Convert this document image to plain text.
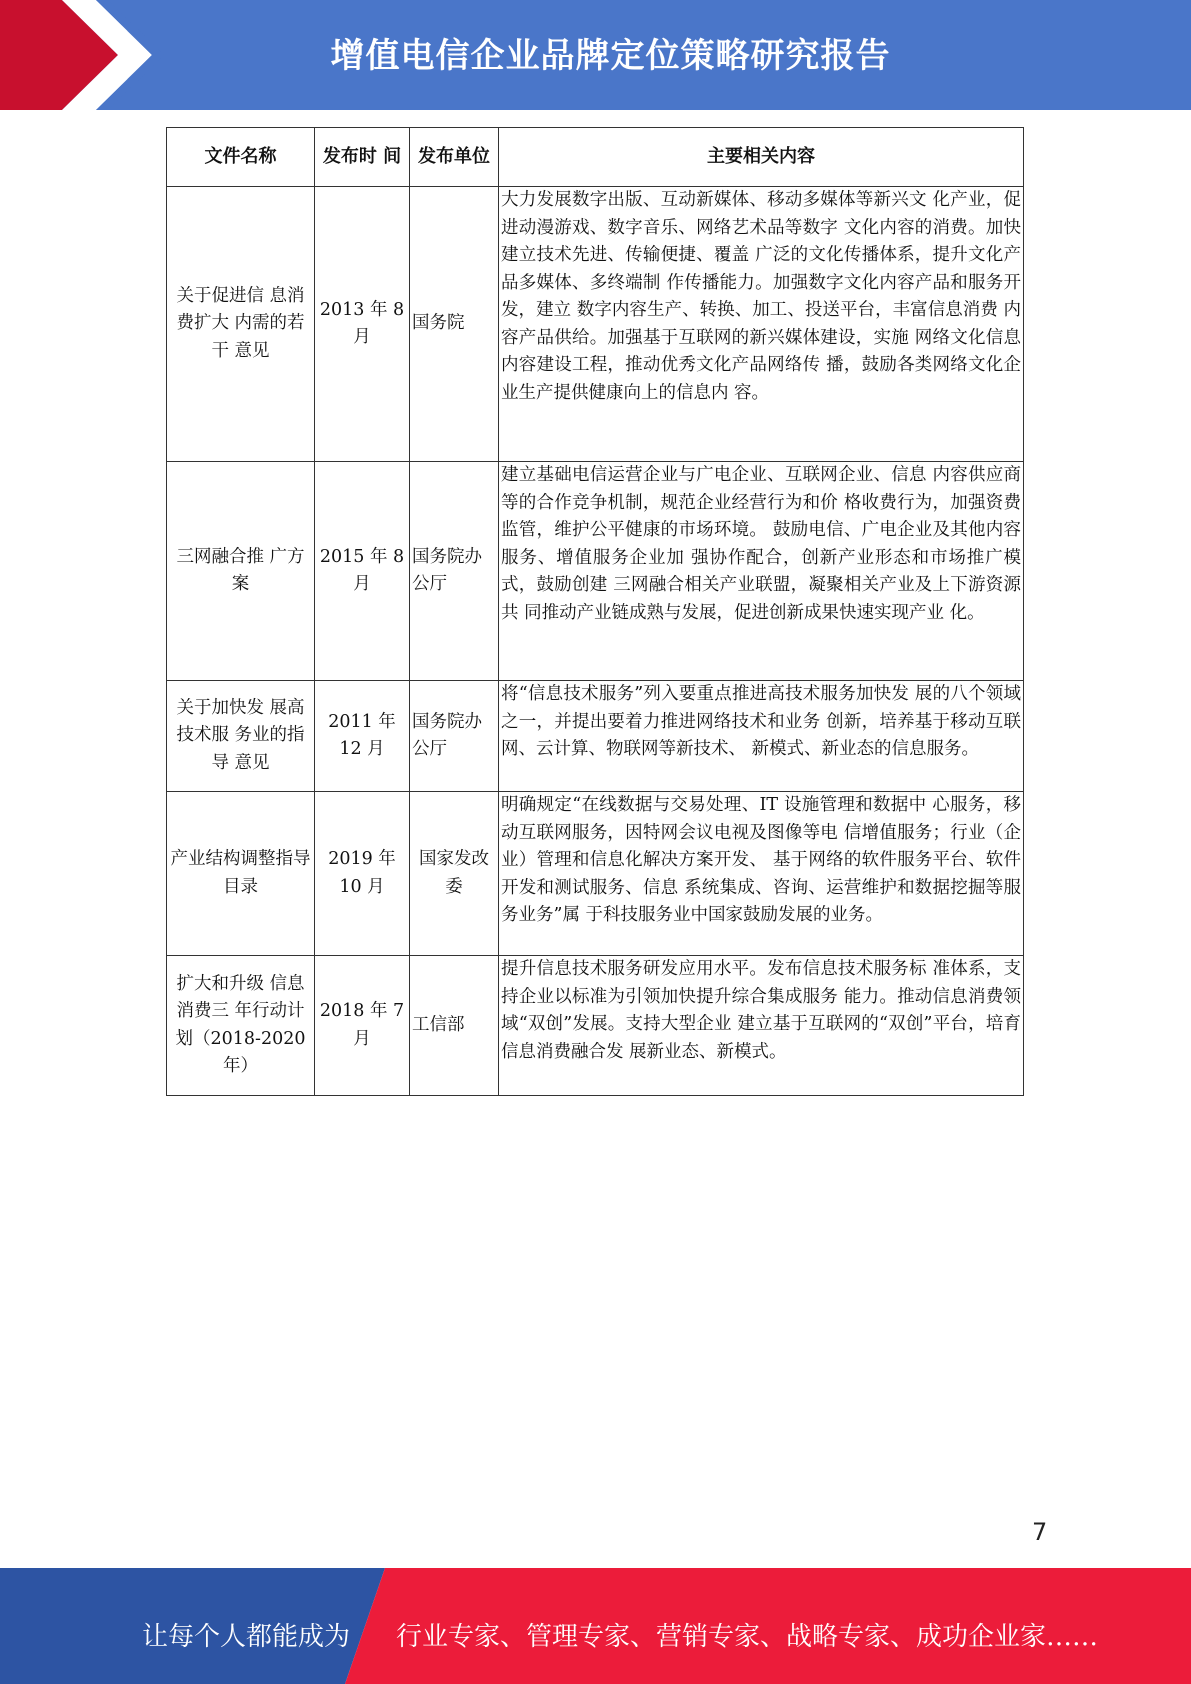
增值电信企业品牌定位策略研究报告
文件名称	发布时 间	发布单位	主要相关内容
关于促进信 息消费扩大 内需的若干 意见	2013 年 8 月	国务院	大力发展数字出版、互动新媒体、移动多媒体等新兴文 化产业，促进动漫游戏、数字音乐、网络艺术品等数字 文化内容的消费。加快建立技术先进、传输便捷、覆盖 广泛的文化传播体系，提升文化产品多媒体、多终端制 作传播能力。加强数字文化内容产品和服务开发，建立 数字内容生产、转换、加工、投送平台，丰富信息消费 内容产品供给。加强基于互联网的新兴媒体建设，实施 网络文化信息内容建设工程，推动优秀文化产品网络传 播，鼓励各类网络文化企业生产提供健康向上的信息内 容。
三网融合推 广方案	2015 年 8 月	国务院办公厅	建立基础电信运营企业与广电企业、互联网企业、信息 内容供应商等的合作竞争机制，规范企业经营行为和价 格收费行为，加强资费监管，维护公平健康的市场环境。 鼓励电信、广电企业及其他内容服务、增值服务企业加 强协作配合，创新产业形态和市场推广模式，鼓励创建 三网融合相关产业联盟，凝聚相关产业及上下游资源共 同推动产业链成熟与发展，促进创新成果快速实现产业 化。
关于加快发 展高技术服 务业的指导 意见	2011 年 12 月	国务院办公厅	将“信息技术服务”列入要重点推进高技术服务加快发 展的八个领域之一，并提出要着力推进网络技术和业务 创新，培养基于移动互联网、云计算、物联网等新技术、 新模式、新业态的信息服务。
产业结构调整指导目录	2019 年 10 月	国家发改委	明确规定“在线数据与交易处理、IT 设施管理和数据中 心服务，移动互联网服务，因特网会议电视及图像等电 信增值服务；行业（企业）管理和信息化解决方案开发、 基于网络的软件服务平台、软件开发和测试服务、信息 系统集成、咨询、运营维护和数据挖掘等服务业务”属 于科技服务业中国家鼓励发展的业务。
扩大和升级 信息消费三 年行动计划（2018-2020年）	2018 年 7 月	工信部	提升信息技术服务研发应用水平。发布信息技术服务标 准体系，支持企业以标准为引领加快提升综合集成服务 能力。推动信息消费领域“双创”发展。支持大型企业 建立基于互联网的“双创”平台，培育信息消费融合发 展新业态、新模式。
7
让每个人都能成为 行业专家、管理专家、营销专家、战略专家、成功企业家……
